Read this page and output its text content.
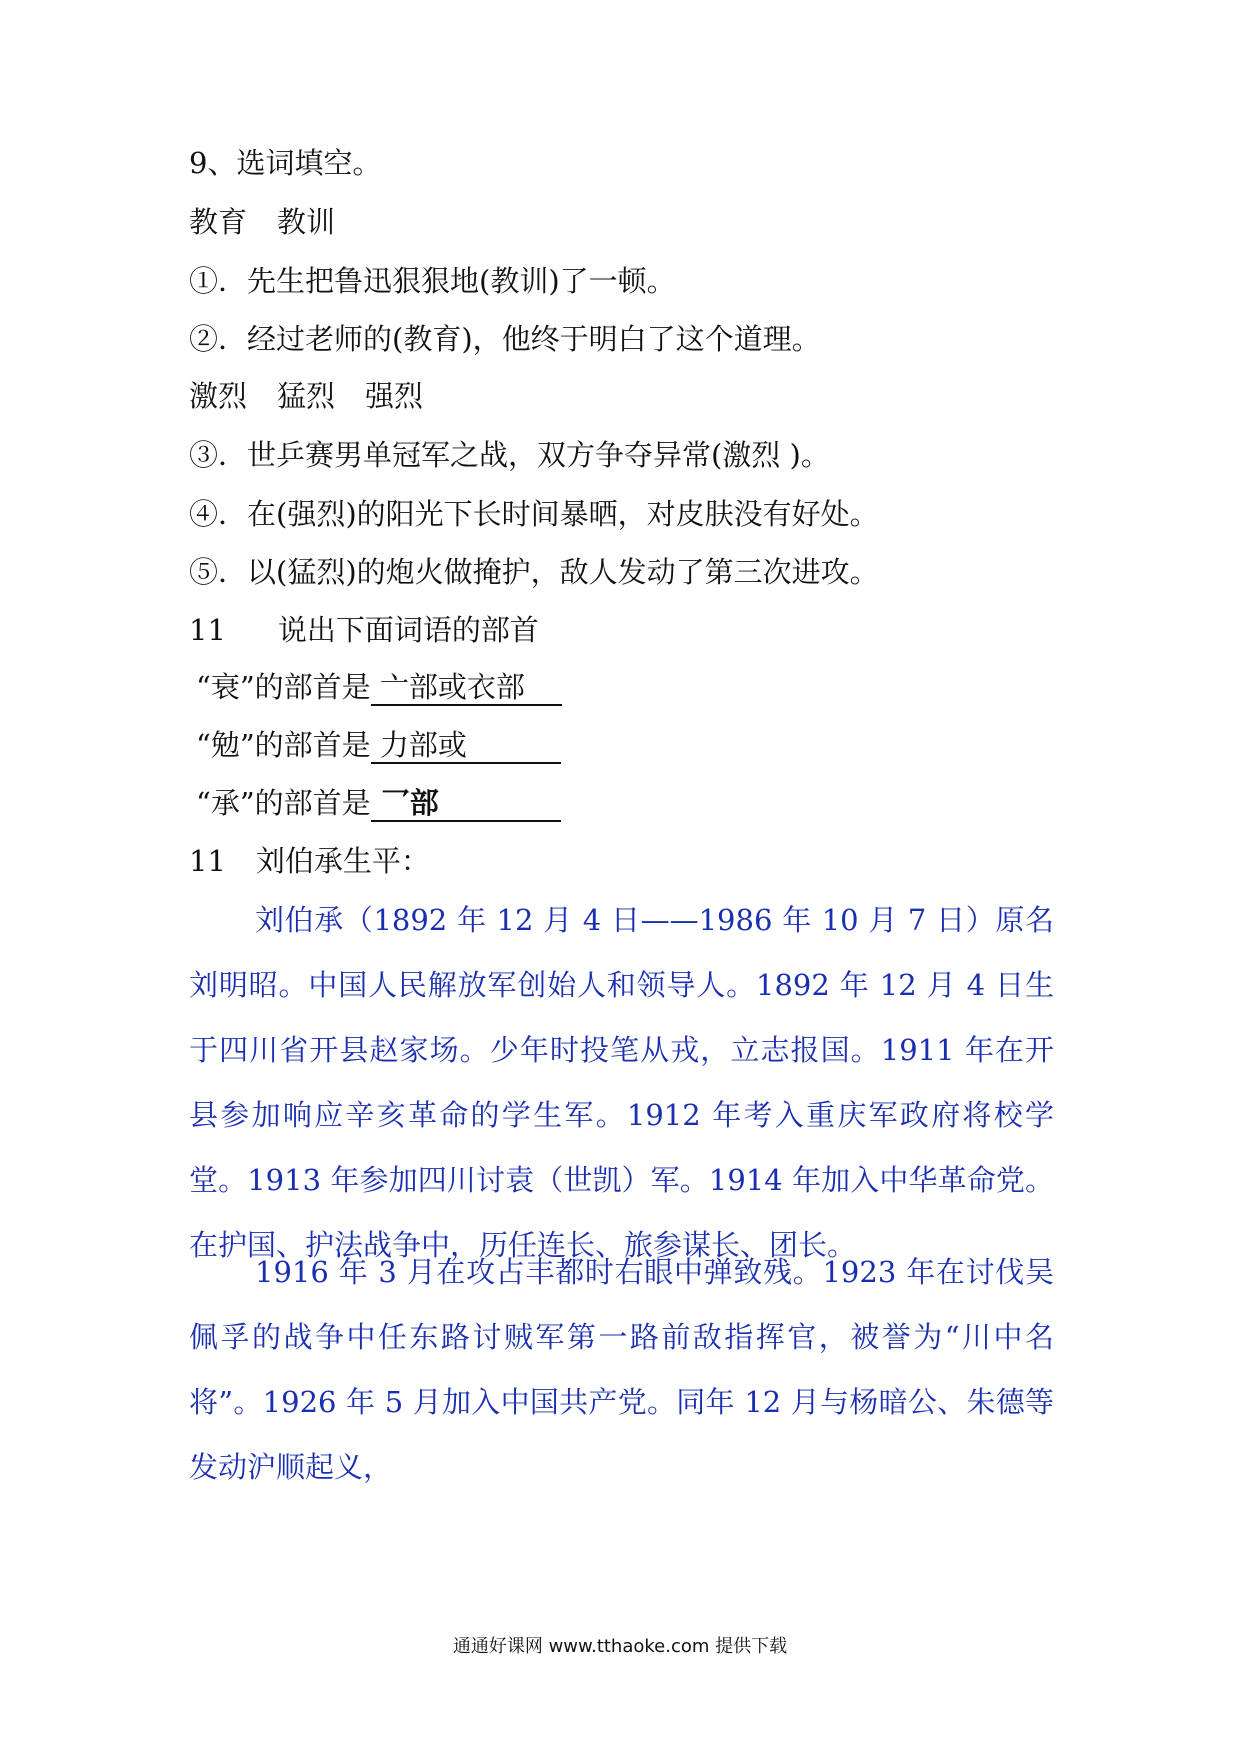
9、选词填空。
教育 教训
①．先生把鲁迅狠狠地(教训)了一顿。
②．经过老师的(教育)，他终于明白了这个道理。
激烈 猛烈 强烈
③．世乒赛男单冠军之战，双方争夺异常(激烈 )。
④．在(强烈)的阳光下长时间暴晒，对皮肤没有好处。
⑤．以(猛烈)的炮火做掩护，敌人发动了第三次进攻。
11 说出下面词语的部首
“衰”的部首是 亠部或衣部
“勉”的部首是 力部或
“承”的部首是 乛部
11 刘伯承生平：

刘伯承（1892 年 12 月 4 日——1986 年 10 月 7 日）原名刘明昭。中国人民解放军创始人和领导人。1892 年 12 月 4 日生于四川省开县赵家场。少年时投笔从戎，立志报国。1911 年在开县参加响应辛亥革命的学生军。1912 年考入重庆军政府将校学堂。1913 年参加四川讨袁（世凯）军。1914 年加入中华革命党。在护国、护法战争中，历任连长、旅参谋长、团长。

1916 年 3 月在攻占丰都时右眼中弹致残。1923 年在讨伐吴佩孚的战争中任东路讨贼军第一路前敌指挥官，被誉为“川中名将”。1926 年 5 月加入中国共产党。同年 12 月与杨暗公、朱德等发动沪顺起义，

通通好课网 www.tthaoke.com 提供下载
